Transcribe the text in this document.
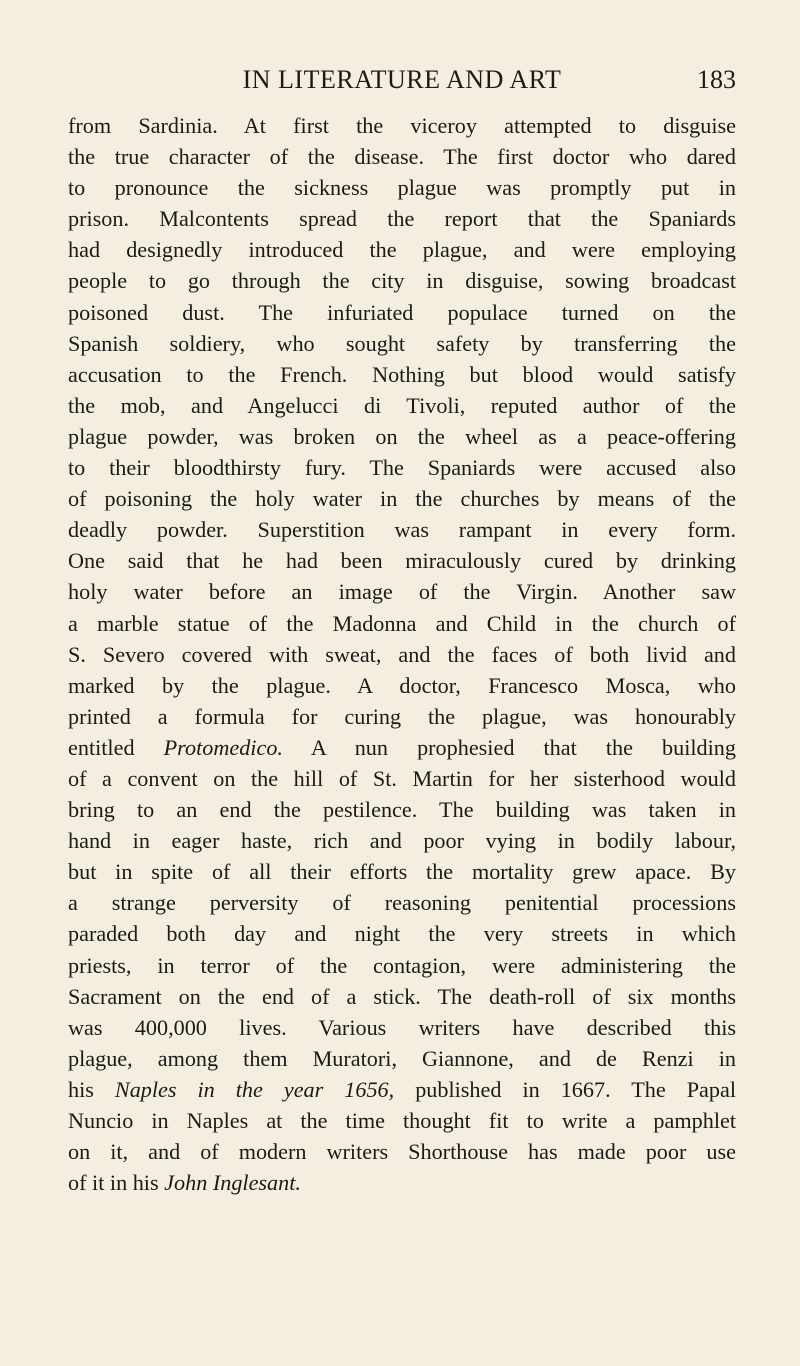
IN LITERATURE AND ART	183
from Sardinia. At first the viceroy attempted to disguise
the true character of the disease. The first doctor who dared
to pronounce the sickness plague was promptly put in
prison. Malcontents spread the report that the Spaniards
had designedly introduced the plague, and were employing
people to go through the city in disguise, sowing broadcast
poisoned dust. The infuriated populace turned on the
Spanish soldiery, who sought safety by transferring the
accusation to the French. Nothing but blood would satisfy
the mob, and Angelucci di Tivoli, reputed author of the
plague powder, was broken on the wheel as a peace-offering
to their bloodthirsty fury. The Spaniards were accused also
of poisoning the holy water in the churches by means of the
deadly powder. Superstition was rampant in every form.
One said that he had been miraculously cured by drinking
holy water before an image of the Virgin. Another saw
a marble statue of the Madonna and Child in the church of
S. Severo covered with sweat, and the faces of both livid and
marked by the plague. A doctor, Francesco Mosca, who
printed a formula for curing the plague, was honourably
entitled Protomedico. A nun prophesied that the building
of a convent on the hill of St. Martin for her sisterhood would
bring to an end the pestilence. The building was taken in
hand in eager haste, rich and poor vying in bodily labour,
but in spite of all their efforts the mortality grew apace. By
a strange perversity of reasoning penitential processions
paraded both day and night the very streets in which
priests, in terror of the contagion, were administering the
Sacrament on the end of a stick. The death-roll of six months
was 400,000 lives. Various writers have described this
plague, among them Muratori, Giannone, and de Renzi in
his Naples in the year 1656, published in 1667. The Papal
Nuncio in Naples at the time thought fit to write a pamphlet
on it, and of modern writers Shorthouse has made poor use
of it in his John Inglesant.
